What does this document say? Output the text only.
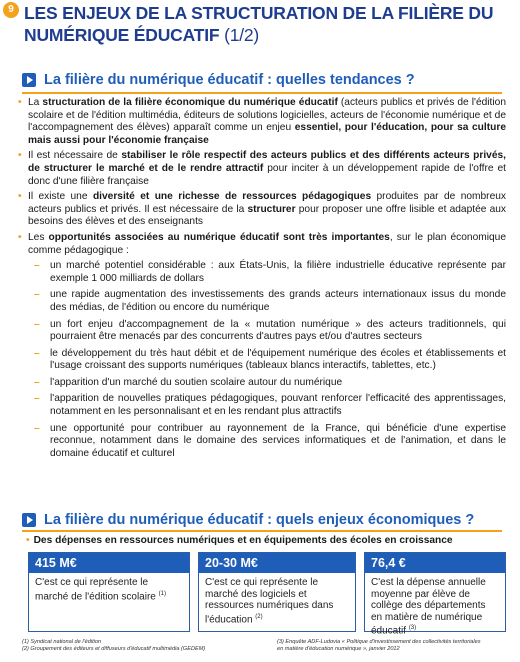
9 LES ENJEUX DE LA STRUCTURATION DE LA FILIÈRE DU NUMÉRIQUE ÉDUCATIF (1/2)
La filière du numérique éducatif : quelles tendances ?
• La structuration de la filière économique du numérique éducatif (acteurs publics et privés de l'édition scolaire et de l'édition multimédia, éditeurs de solutions logicielles, acteurs de l'économie numérique et de l'accompagnement des élèves) apparaît comme un enjeu essentiel, pour l'éducation, pour sa culture mais aussi pour l'économie française
• Il est nécessaire de stabiliser le rôle respectif des acteurs publics et des différents acteurs privés, de structurer le marché et de le rendre attractif pour inciter à un développement rapide de l'offre et donc d'une filière française
• Il existe une diversité et une richesse de ressources pédagogiques produites par de nombreux acteurs publics et privés. Il est nécessaire de la structurer pour proposer une offre lisible et adaptée aux besoins des élèves et des enseignants
• Les opportunités associées au numérique éducatif sont très importantes, sur le plan économique comme pédagogique :
– un marché potentiel considérable : aux États-Unis, la filière industrielle éducative représente par exemple 1 000 milliards de dollars
– une rapide augmentation des investissements des grands acteurs internationaux issus du monde des médias, de l'édition ou encore du numérique
– un fort enjeu d'accompagnement de la « mutation numérique » des acteurs traditionnels, qui pourraient être menacés par des concurrents d'autres pays et/ou d'autres secteurs
– le développement du très haut débit et de l'équipement numérique des écoles et établissements et l'usage croissant des supports numériques (tableaux blancs interactifs, tablettes, etc.)
– l'apparition d'un marché du soutien scolaire autour du numérique
– l'apparition de nouvelles pratiques pédagogiques, pouvant renforcer l'efficacité des apprentissages, notamment en les personnalisant et en les rendant plus attractifs
– une opportunité pour contribuer au rayonnement de la France, qui bénéficie d'une expertise reconnue, notamment dans le domaine des services informatiques et de l'animation, et dans le domaine éducatif et culturel
La filière du numérique éducatif : quels enjeux économiques ?
• Des dépenses en ressources numériques et en équipements des écoles en croissance
415 M€
C'est ce qui représente le marché de l'édition scolaire $^{(1)}$
20-30 M€
C'est ce qui représente le marché des logiciels et ressources numériques dans l'éducation $^{(2)}$
76,4 €
C'est la dépense annuelle moyenne par élève de collège des départements en matière de numérique éducatif $^{(3)}$
(1) Syndicat national de l'édition
(2) Groupement des éditeurs et diffuseurs d'éducatif multimédia (GEDEM)
(3) Enquête ADF-Ludovia « Politique d'investissement des collectivités territoriales
en matière d'éducation numérique », janvier 2012
